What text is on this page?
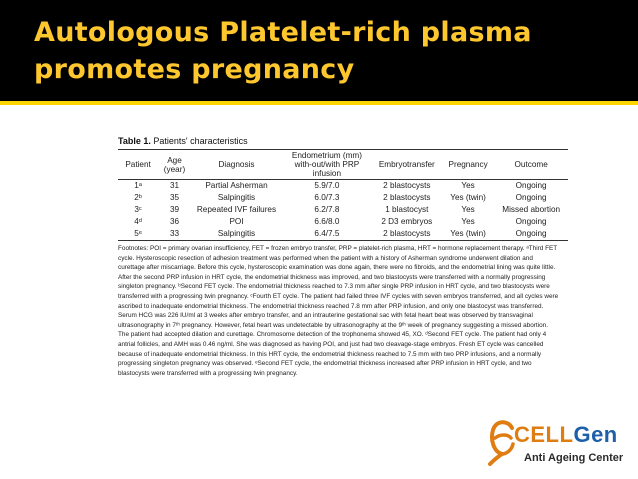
Autologous Platelet-rich plasma promotes pregnancy
Table 1. Patients' characteristics
Patient	Age (year)	Diagnosis	Endometrium (mm) with-out/with PRP infusion	Embryotransfer	Pregnancy	Outcome
1ᵃ	31	Partial Asherman	5.9/7.0	2 blastocysts	Yes	Ongoing
2ᵇ	35	Salpingitis	6.0/7.3	2 blastocysts	Yes (twin)	Ongoing
3ᶜ	39	Repeated IVF failures	6.2/7.8	1 blastocyst	Yes	Missed abortion
4ᵈ	36	POI	6.6/8.0	2 D3 embryos	Yes	Ongoing
5ᵉ	33	Salpingitis	6.4/7.5	2 blastocysts	Yes (twin)	Ongoing
Footnotes: POI = primary ovarian insufficiency, FET = frozen embryo transfer, PRP = platelet-rich plasma, HRT = hormone replacement therapy. ᵃThird FET cycle. Hysteroscopic resection of adhesion treatment was performed when the patient with a history of Asherman syndrome underwent dilation and curettage after miscarriage. Before this cycle, hysteroscopic examination was done again, there were no fibroids, and the endometrial lining was quite little. After the second PRP infusion in HRT cycle, the endometrial thickness was improved, and two blastocysts were transferred with a normally progressing singleton pregnancy. ᵇSecond FET cycle. The endometrial thickness reached to 7.3 mm after single PRP infusion in HRT cycle, and two blastocysts were transferred with a progressing twin pregnancy. ᶜFourth ET cycle. The patient had failed three IVF cycles with seven embryos transferred, and all cycles were ascribed to inadequate endometrial thickness. The endometrial thickness reached 7.8 mm after PRP infusion, and only one blastocyst was transferred. Serum HCG was 226 IU/ml at 3 weeks after embryo transfer, and an intrauterine gestational sac with fetal heart beat was observed by transvaginal ultrasonography in 7ᵗʰ pregnancy. However, fetal heart was undetectable by ultrasonography at the 9ᵗʰ week of pregnancy suggesting a missed abortion. The patient had accepted dilation and curettage. Chromosome detection of the trophonema showed 45, XO. ᵈSecond FET cycle. The patient had only 4 antrial follicles, and AMH was 0.46 ng/ml. She was diagnosed as having POI, and just had two cleavage-stage embryos. Fresh ET cycle was cancelled because of inadequate endometrial thickness. In this HRT cycle, the endometrial thickness reached to 7.5 mm with two PRP infusions, and a normally progressing singleton pregnancy was observed. ᵉSecond FET cycle, the endometrial thickness increased after PRP infusion in HRT cycle, and two blastocysts were transferred with a progressing twin pregnancy.
CELLGen
Anti Ageing Center
